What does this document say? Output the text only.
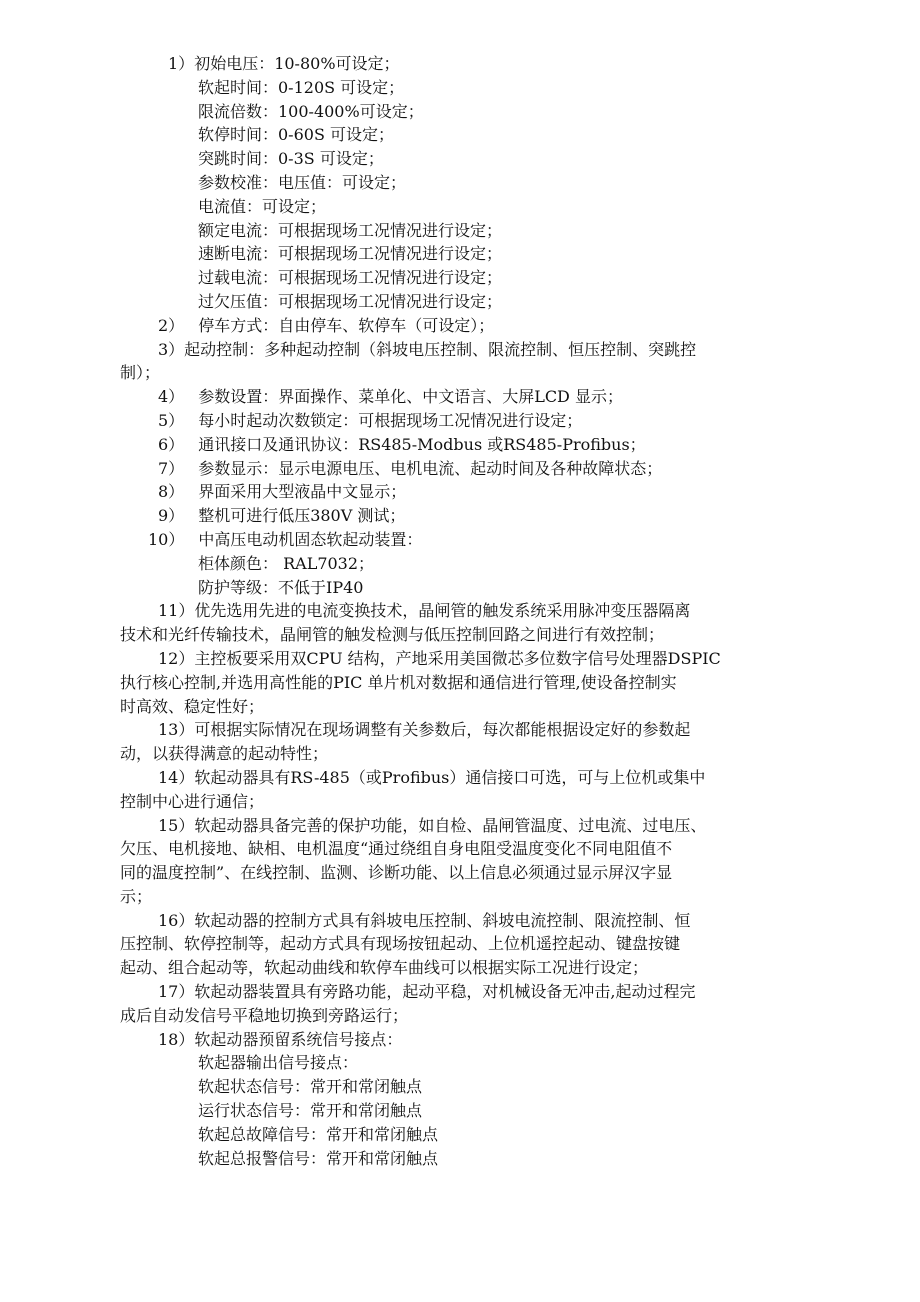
1）初始电压：10-80%可设定；
软起时间：0-120S 可设定；
限流倍数：100-400%可设定；
软停时间：0-60S 可设定；
突跳时间：0-3S 可设定；
参数校准：电压值：可设定；
电流值：可设定；
额定电流：可根据现场工况情况进行设定；
速断电流：可根据现场工况情况进行设定；
过载电流：可根据现场工况情况进行设定；
过欠压值：可根据现场工况情况进行设定；
2） 停车方式：自由停车、软停车（可设定）；
3）起动控制：多种起动控制（斜坡电压控制、限流控制、恒压控制、突跳控
制）；
4） 参数设置：界面操作、菜单化、中文语言、大屏LCD 显示；
5） 每小时起动次数锁定：可根据现场工况情况进行设定；
6） 通讯接口及通讯协议：RS485-Modbus 或RS485-Profibus；
7） 参数显示：显示电源电压、电机电流、起动时间及各种故障状态；
8） 界面采用大型液晶中文显示；
9） 整机可进行低压380V 测试；
10） 中高压电动机固态软起动装置：
柜体颜色： RAL7032；
防护等级：不低于IP40
11）优先选用先进的电流变换技术，晶闸管的触发系统采用脉冲变压器隔离
技术和光纤传输技术，晶闸管的触发检测与低压控制回路之间进行有效控制；
12）主控板要采用双CPU 结构，产地采用美国微芯多位数字信号处理器DSPIC
执行核心控制,并选用高性能的PIC 单片机对数据和通信进行管理,使设备控制实
时高效、稳定性好；
13）可根据实际情况在现场调整有关参数后，每次都能根据设定好的参数起
动，以获得满意的起动特性；
14）软起动器具有RS-485（或Profibus）通信接口可选，可与上位机或集中
控制中心进行通信；
15）软起动器具备完善的保护功能，如自检、晶闸管温度、过电流、过电压、
欠压、电机接地、缺相、电机温度“通过绕组自身电阻受温度变化不同电阻值不
同的温度控制”、在线控制、监测、诊断功能、以上信息必须通过显示屏汉字显
示；
16）软起动器的控制方式具有斜坡电压控制、斜坡电流控制、限流控制、恒
压控制、软停控制等，起动方式具有现场按钮起动、上位机遥控起动、键盘按键
起动、组合起动等，软起动曲线和软停车曲线可以根据实际工况进行设定；
17）软起动器装置具有旁路功能，起动平稳，对机械设备无冲击,起动过程完
成后自动发信号平稳地切换到旁路运行；
18）软起动器预留系统信号接点：
软起器输出信号接点：
软起状态信号：常开和常闭触点
运行状态信号：常开和常闭触点
软起总故障信号：常开和常闭触点
软起总报警信号：常开和常闭触点
